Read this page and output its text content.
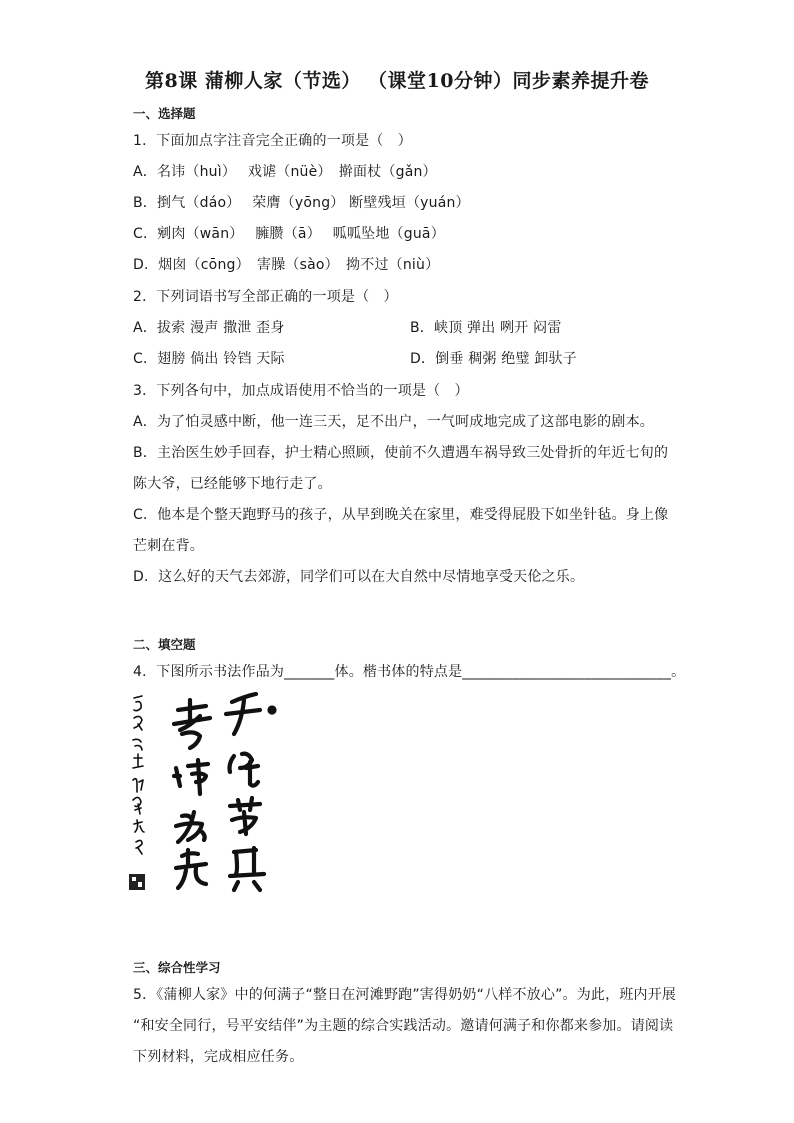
第8课 蒲柳人家（节选） （课堂10分钟）同步素养提升卷
一、选择题
1．下面加点字注音完全正确的一项是（　）
A．名讳（huì）　 戏谑（nüè）　擀面杖（gǎn）
B．捯气（dáo）　 荣膺（yōng） 断壁残垣（yuán）
C．剜肉（wān）　 臃臜（ā）　 呱呱坠地（guā）
D．烟囱（cōng）　害臊（sào）　拗不过（niù）
2．下列词语书写全部正确的一项是（　）
A．拔索 漫声 撒泄 歪身	B．峡顶 弹出 咧开 闷雷
C．翅膀 倘出 铃铛 天际	D．倒垂 稠粥 绝璧 卸驮子
3．下列各句中，加点成语使用不恰当的一项是（　）
A．为了怕灵感中断，他一连三天，足不出户，一气呵成地完成了这部电影的剧本。
B．主治医生妙手回春，护士精心照顾，使前不久遭遇车祸导致三处骨折的年近七旬的
陈大爷，已经能够下地行走了。
C．他本是个整天跑野马的孩子，从早到晚关在家里，难受得屁股下如坐针毡。身上像
芒刺在背。
D．这么好的天气去郊游，同学们可以在大自然中尽情地享受天伦之乐。
二、填空题
4．下图所示书法作品为_______体。楷书体的特点是_____________________________。
三、综合性学习
5．《蒲柳人家》中的何满子“整日在河滩野跑”害得奶奶“八样不放心”。为此，班内开展
“和安全同行，号平安结伴”为主题的综合实践活动。邀请何满子和你都来参加。请阅读
下列材料，完成相应任务。
